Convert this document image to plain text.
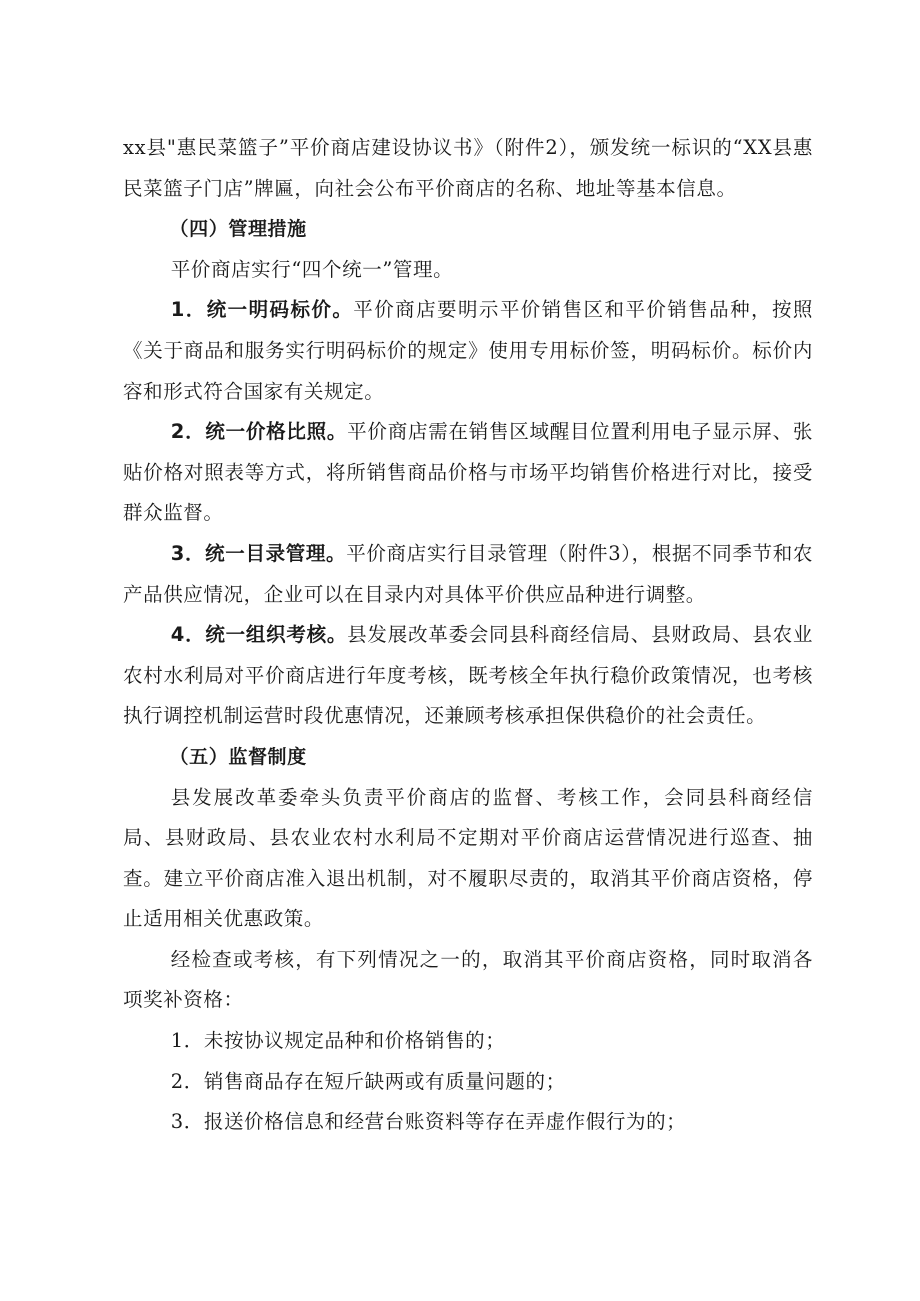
xx县"惠民菜篮子”平价商店建设协议书》（附件2），颁发统一标识的“XX县惠民菜篮子门店”牌匾，向社会公布平价商店的名称、地址等基本信息。

（四）管理措施

平价商店实行“四个统一”管理。

1．统一明码标价。平价商店要明示平价销售区和平价销售品种，按照《关于商品和服务实行明码标价的规定》使用专用标价签，明码标价。标价内容和形式符合国家有关规定。

2．统一价格比照。平价商店需在销售区域醒目位置利用电子显示屏、张贴价格对照表等方式，将所销售商品价格与市场平均销售价格进行对比，接受群众监督。

3．统一目录管理。平价商店实行目录管理（附件3），根据不同季节和农产品供应情况，企业可以在目录内对具体平价供应品种进行调整。

4．统一组织考核。县发展改革委会同县科商经信局、县财政局、县农业农村水利局对平价商店进行年度考核，既考核全年执行稳价政策情况，也考核执行调控机制运营时段优惠情况，还兼顾考核承担保供稳价的社会责任。

（五）监督制度

县发展改革委牵头负责平价商店的监督、考核工作，会同县科商经信局、县财政局、县农业农村水利局不定期对平价商店运营情况进行巡查、抽查。建立平价商店准入退出机制，对不履职尽责的，取消其平价商店资格，停止适用相关优惠政策。

经检查或考核，有下列情况之一的，取消其平价商店资格，同时取消各项奖补资格：

1．未按协议规定品种和价格销售的；

2．销售商品存在短斤缺两或有质量问题的；

3．报送价格信息和经营台账资料等存在弄虚作假行为的；
